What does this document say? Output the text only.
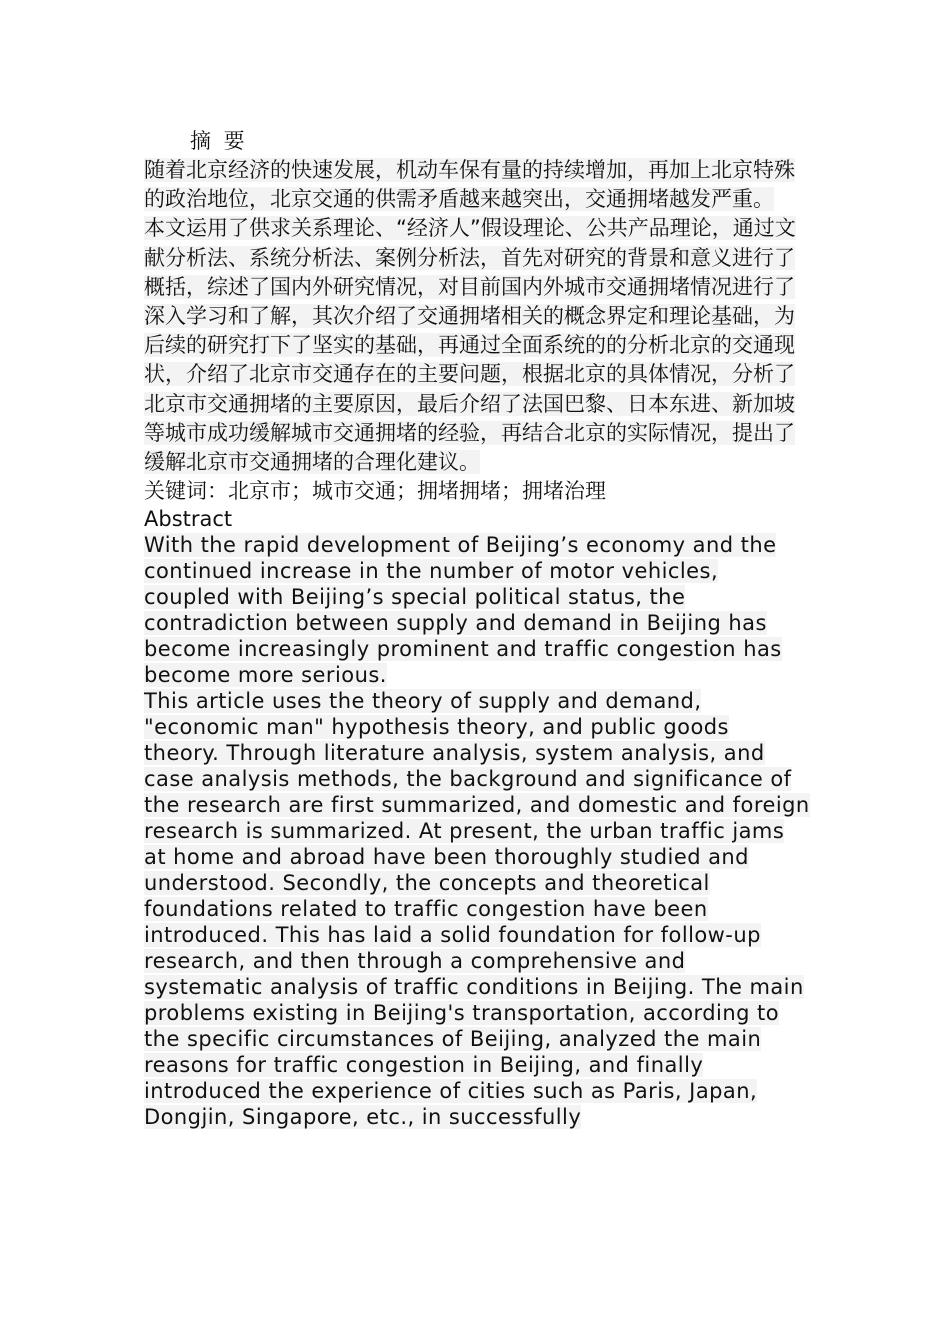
摘 要

随着北京经济的快速发展，机动车保有量的持续增加，再加上北京特殊的政治地位，北京交通的供需矛盾越来越突出，交通拥堵越发严重。

本文运用了供求关系理论、“经济人”假设理论、公共产品理论，通过文献分析法、系统分析法、案例分析法，首先对研究的背景和意义进行了概括，综述了国内外研究情况，对目前国内外城市交通拥堵情况进行了深入学习和了解，其次介绍了交通拥堵相关的概念界定和理论基础，为后续的研究打下了坚实的基础，再通过全面系统的的分析北京的交通现状，介绍了北京市交通存在的主要问题，根据北京的具体情况，分析了北京市交通拥堵的主要原因，最后介绍了法国巴黎、日本东进、新加坡等城市成功缓解城市交通拥堵的经验，再结合北京的实际情况，提出了缓解北京市交通拥堵的合理化建议。

关键词：北京市；城市交通；拥堵拥堵；拥堵治理

Abstract

With the rapid development of Beijing’s economy and the continued increase in the number of motor vehicles, coupled with Beijing’s special political status, the contradiction between supply and demand in Beijing has become increasingly prominent and traffic congestion has become more serious.

This article uses the theory of supply and demand, "economic man" hypothesis theory, and public goods theory. Through literature analysis, system analysis, and case analysis methods, the background and significance of the research are first summarized, and domestic and foreign research is summarized. At present, the urban traffic jams at home and abroad have been thoroughly studied and understood. Secondly, the concepts and theoretical foundations related to traffic congestion have been introduced. This has laid a solid foundation for follow-up research, and then through a comprehensive and systematic analysis of traffic conditions in Beijing. The main problems existing in Beijing's transportation, according to the specific circumstances of Beijing, analyzed the main reasons for traffic congestion in Beijing, and finally introduced the experience of cities such as Paris, Japan, Dongjin, Singapore, etc., in successfully
